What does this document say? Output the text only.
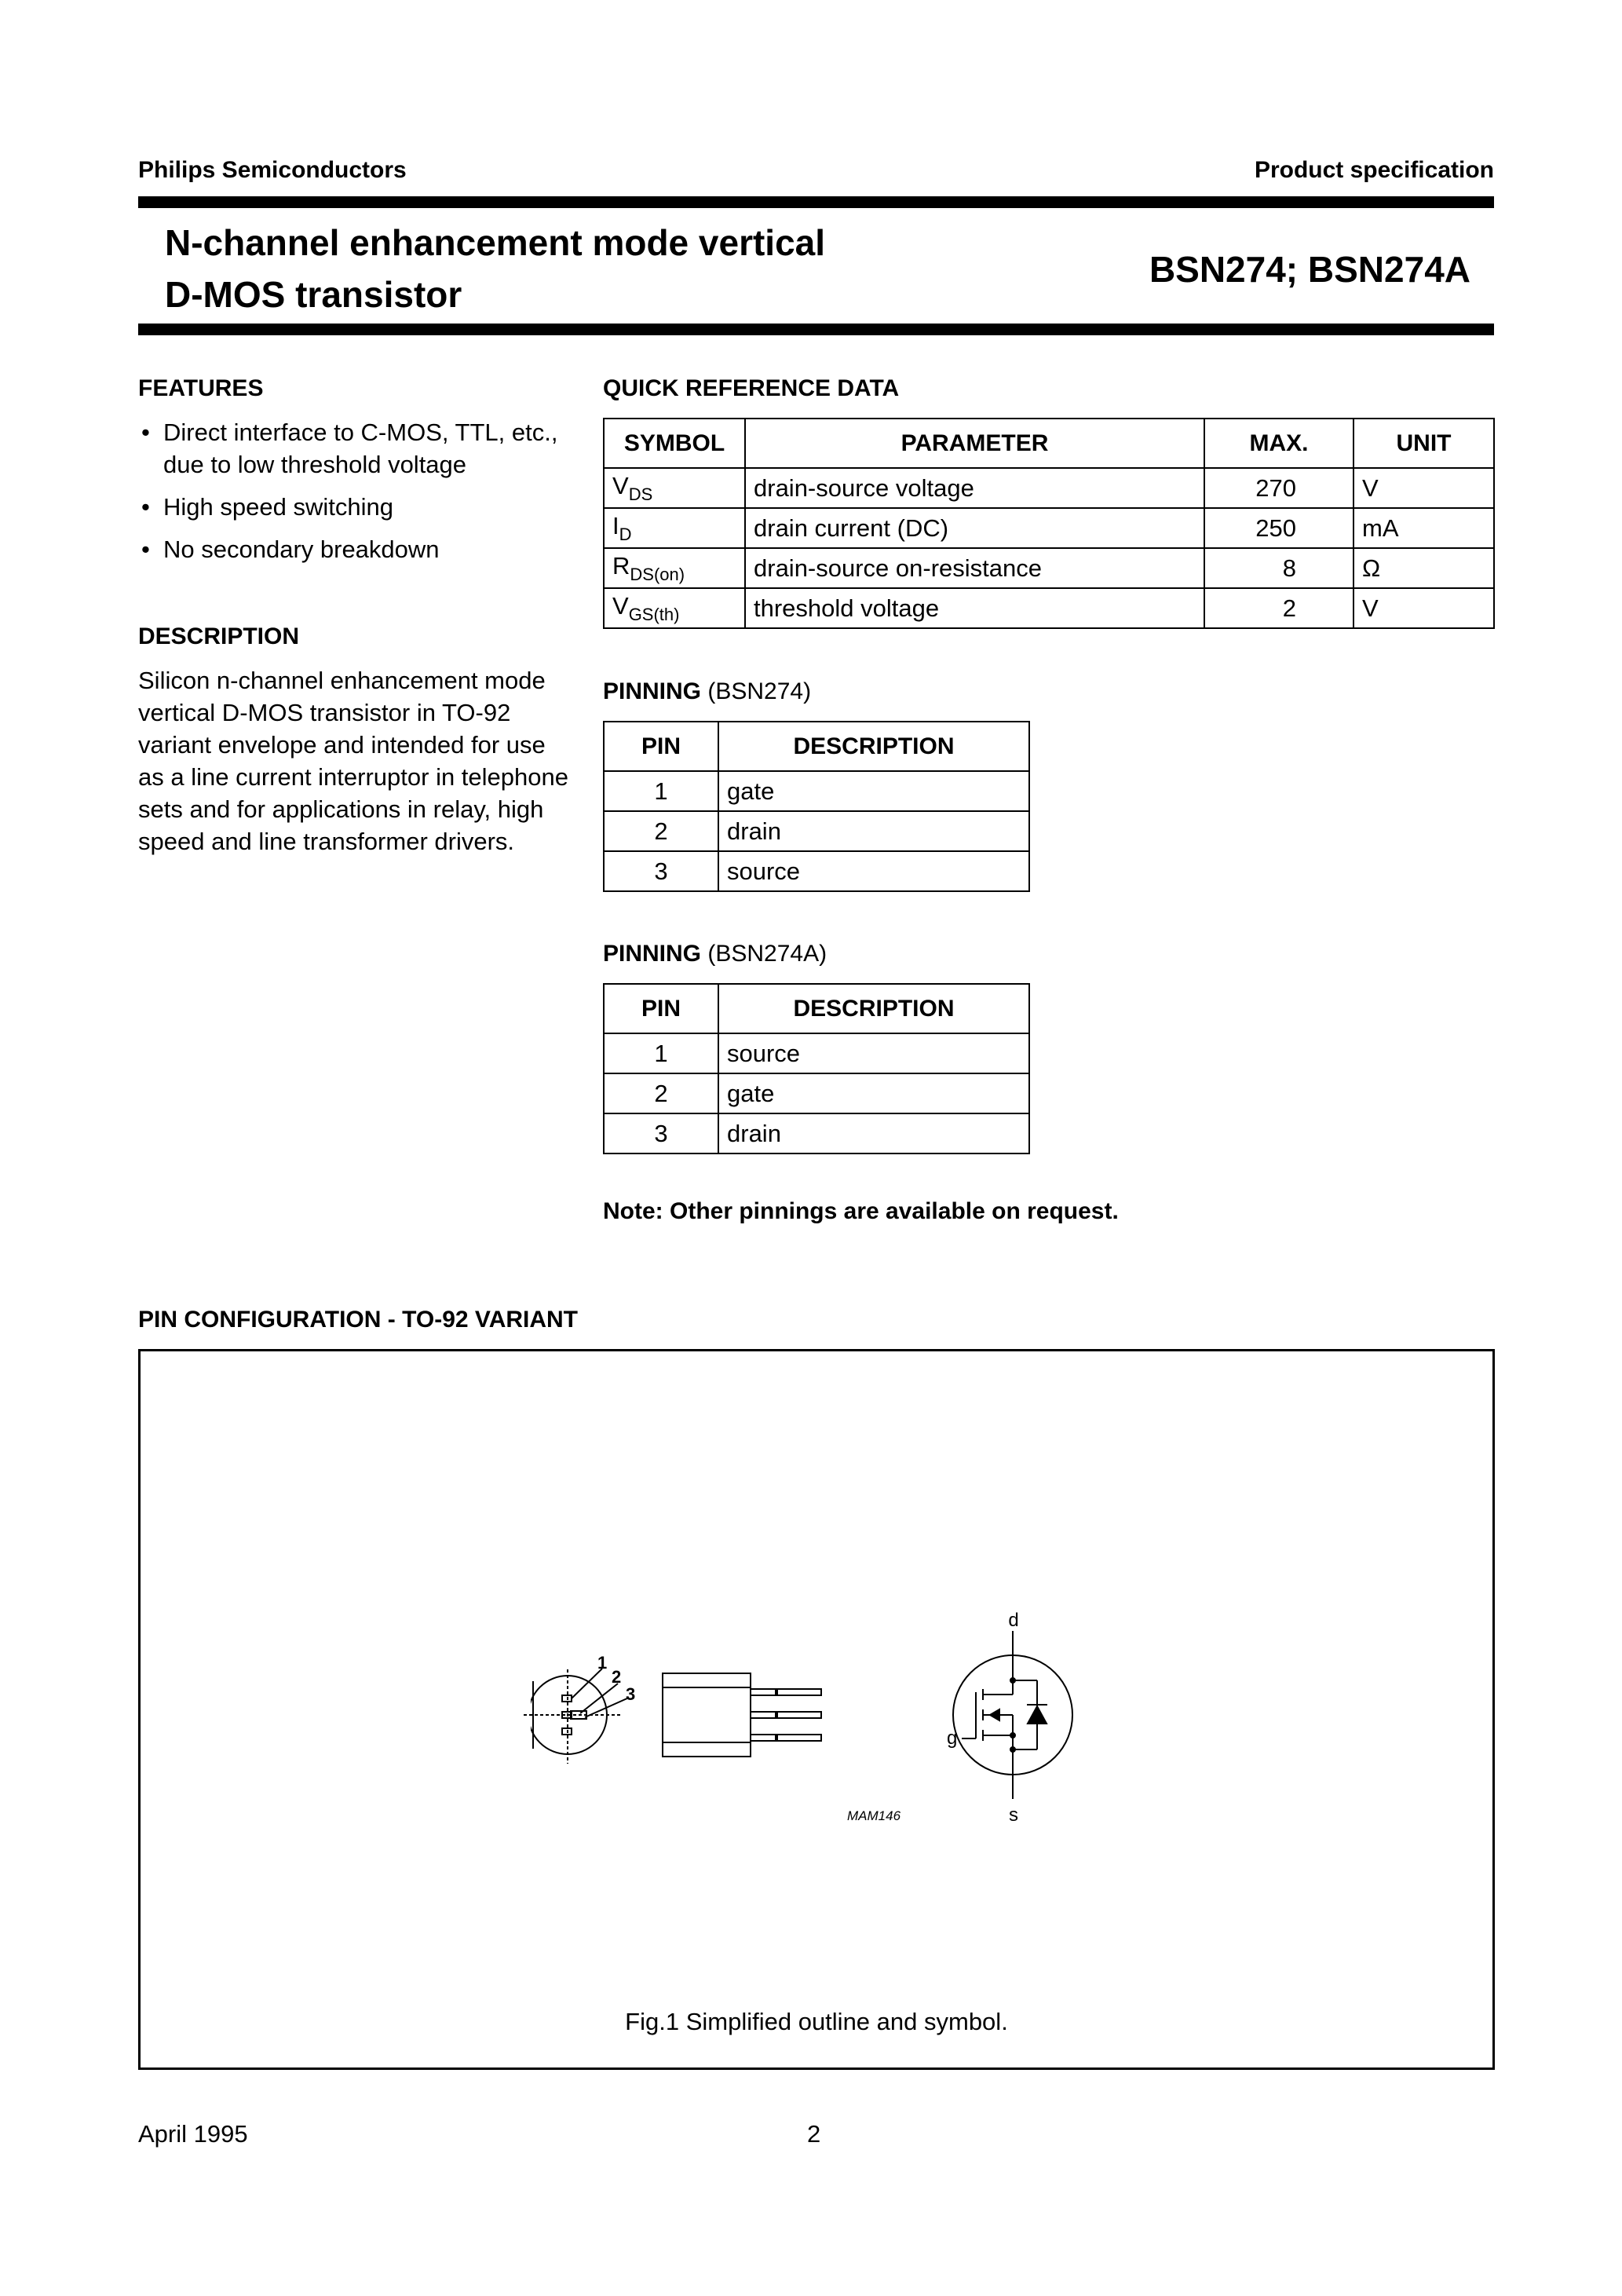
Philips Semiconductors	Product specification
N-channel enhancement mode vertical
D-MOS transistor
BSN274; BSN274A
FEATURES
• Direct interface to C-MOS, TTL, etc., due to low threshold voltage
• High speed switching
• No secondary breakdown
DESCRIPTION
Silicon n-channel enhancement mode vertical D-MOS transistor in TO-92 variant envelope and intended for use as a line current interruptor in telephone sets and for applications in relay, high speed and line transformer drivers.
QUICK REFERENCE DATA
SYMBOL	PARAMETER	MAX.	UNIT
$V_{DS}$	drain-source voltage	270	V
$I_D$	drain current (DC)	250	mA
$R_{DS(on)}$	drain-source on-resistance	8	Ω
$V_{GS(th)}$	threshold voltage	2	V
PINNING (BSN274)
PIN	DESCRIPTION
1	gate
2	drain
3	source
PINNING (BSN274A)
PIN	DESCRIPTION
1	source
2	gate
3	drain
Note: Other pinnings are available on request.
PIN CONFIGURATION - TO-92 VARIANT
1
2
3
d
g
s
MAM146
Fig.1 Simplified outline and symbol.
April 1995	2
